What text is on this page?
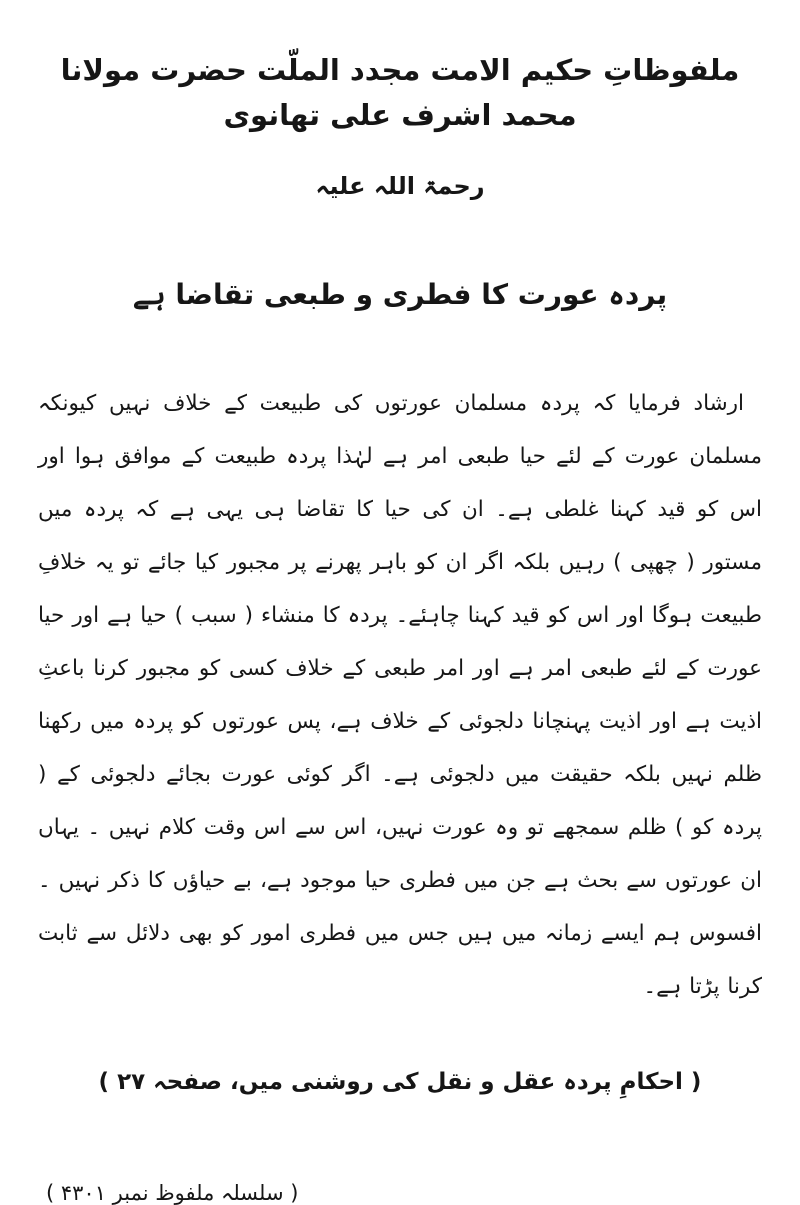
ملفوظاتِ حکیم الامت مجدد الملّت حضرت مولانا محمد اشرف علی تھانوی
رحمۃ اللہ علیہ
پردہ عورت کا فطری و طبعی تقاضا ہے

ارشاد فرمایا کہ پردہ مسلمان عورتوں کی طبیعت کے خلاف نہیں کیونکہ مسلمان عورت کے لئے حیا طبعی امر ہے لہٰذا پردہ طبیعت کے موافق ہوا اور اس کو قید کہنا غلطی ہے۔ ان کی حیا کا تقاضا ہی یہی ہے کہ پردہ میں مستور ( چھپی ) رہیں بلکہ اگر ان کو باہر پھرنے پر مجبور کیا جائے تو یہ خلافِ طبیعت ہوگا اور اس کو قید کہنا چاہئے۔ پردہ کا منشاء ( سبب ) حیا ہے اور حیا عورت کے لئے طبعی امر ہے اور امر طبعی کے خلاف کسی کو مجبور کرنا باعثِ اذیت ہے اور اذیت پہنچانا دلجوئی کے خلاف ہے، پس عورتوں کو پردہ میں رکھنا ظلم نہیں بلکہ حقیقت میں دلجوئی ہے۔ اگر کوئی عورت بجائے دلجوئی کے ( پردہ کو ) ظلم سمجھے تو وہ عورت نہیں، اس سے اس وقت کلام نہیں ۔ یہاں ان عورتوں سے بحث ہے جن میں فطری حیا موجود ہے، بے حیاؤں کا ذکر نہیں ۔ افسوس ہم ایسے زمانہ میں ہیں جس میں فطری امور کو بھی دلائل سے ثابت کرنا پڑتا ہے۔

( احکامِ پردہ عقل و نقل کی روشنی میں، صفحہ ۲۷ )
( سلسلہ ملفوظ نمبر ۴۳۰۱ )
